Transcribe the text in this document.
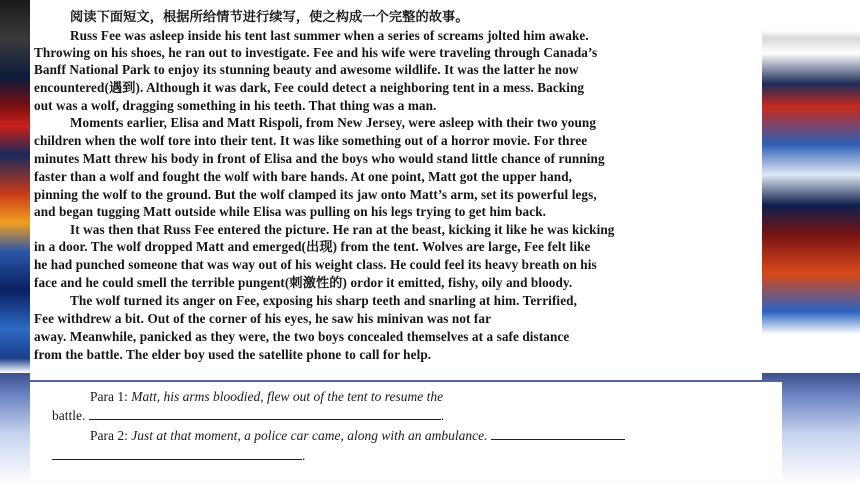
阅读下面短文，根据所给情节进行续写，使之构成一个完整的故事。
Russ Fee was asleep inside his tent last summer when a series of screams jolted him awake.
Throwing on his shoes, he ran out to investigate. Fee and his wife were traveling through Canada’s
Banff National Park to enjoy its stunning beauty and awesome wildlife. It was the latter he now
encountered(遇到). Although it was dark, Fee could detect a neighboring tent in a mess. Backing
out was a wolf, dragging something in his teeth. That thing was a man.
Moments earlier, Elisa and Matt Rispoli, from New Jersey, were asleep with their two young
children when the wolf tore into their tent. It was like something out of a horror movie. For three
minutes Matt threw his body in front of Elisa and the boys who would stand little chance of running
faster than a wolf and fought the wolf with bare hands. At one point, Matt got the upper hand,
pinning the wolf to the ground. But the wolf clamped its jaw onto Matt’s arm, set its powerful legs,
and began tugging Matt outside while Elisa was pulling on his legs trying to get him back.
It was then that Russ Fee entered the picture. He ran at the beast, kicking it like he was kicking
in a door. The wolf dropped Matt and emerged(出现) from the tent. Wolves are large, Fee felt like
he had punched someone that was way out of his weight class. He could feel its heavy breath on his
face and he could smell the terrible pungent(刺激性的) ordor it emitted, fishy, oily and bloody.
The wolf turned its anger on Fee, exposing his sharp teeth and snarling at him. Terrified,
Fee withdrew a bit. Out of the corner of his eyes, he saw his minivan was not far
away. Meanwhile, panicked as they were, the two boys concealed themselves at a safe distance
from the battle. The elder boy used the satellite phone to call for help.
Para 1: Matt, his arms bloodied, flew out of the tent to resume the
battle.	.
Para 2: Just at that moment, a police car came, along with an ambulance.
.
